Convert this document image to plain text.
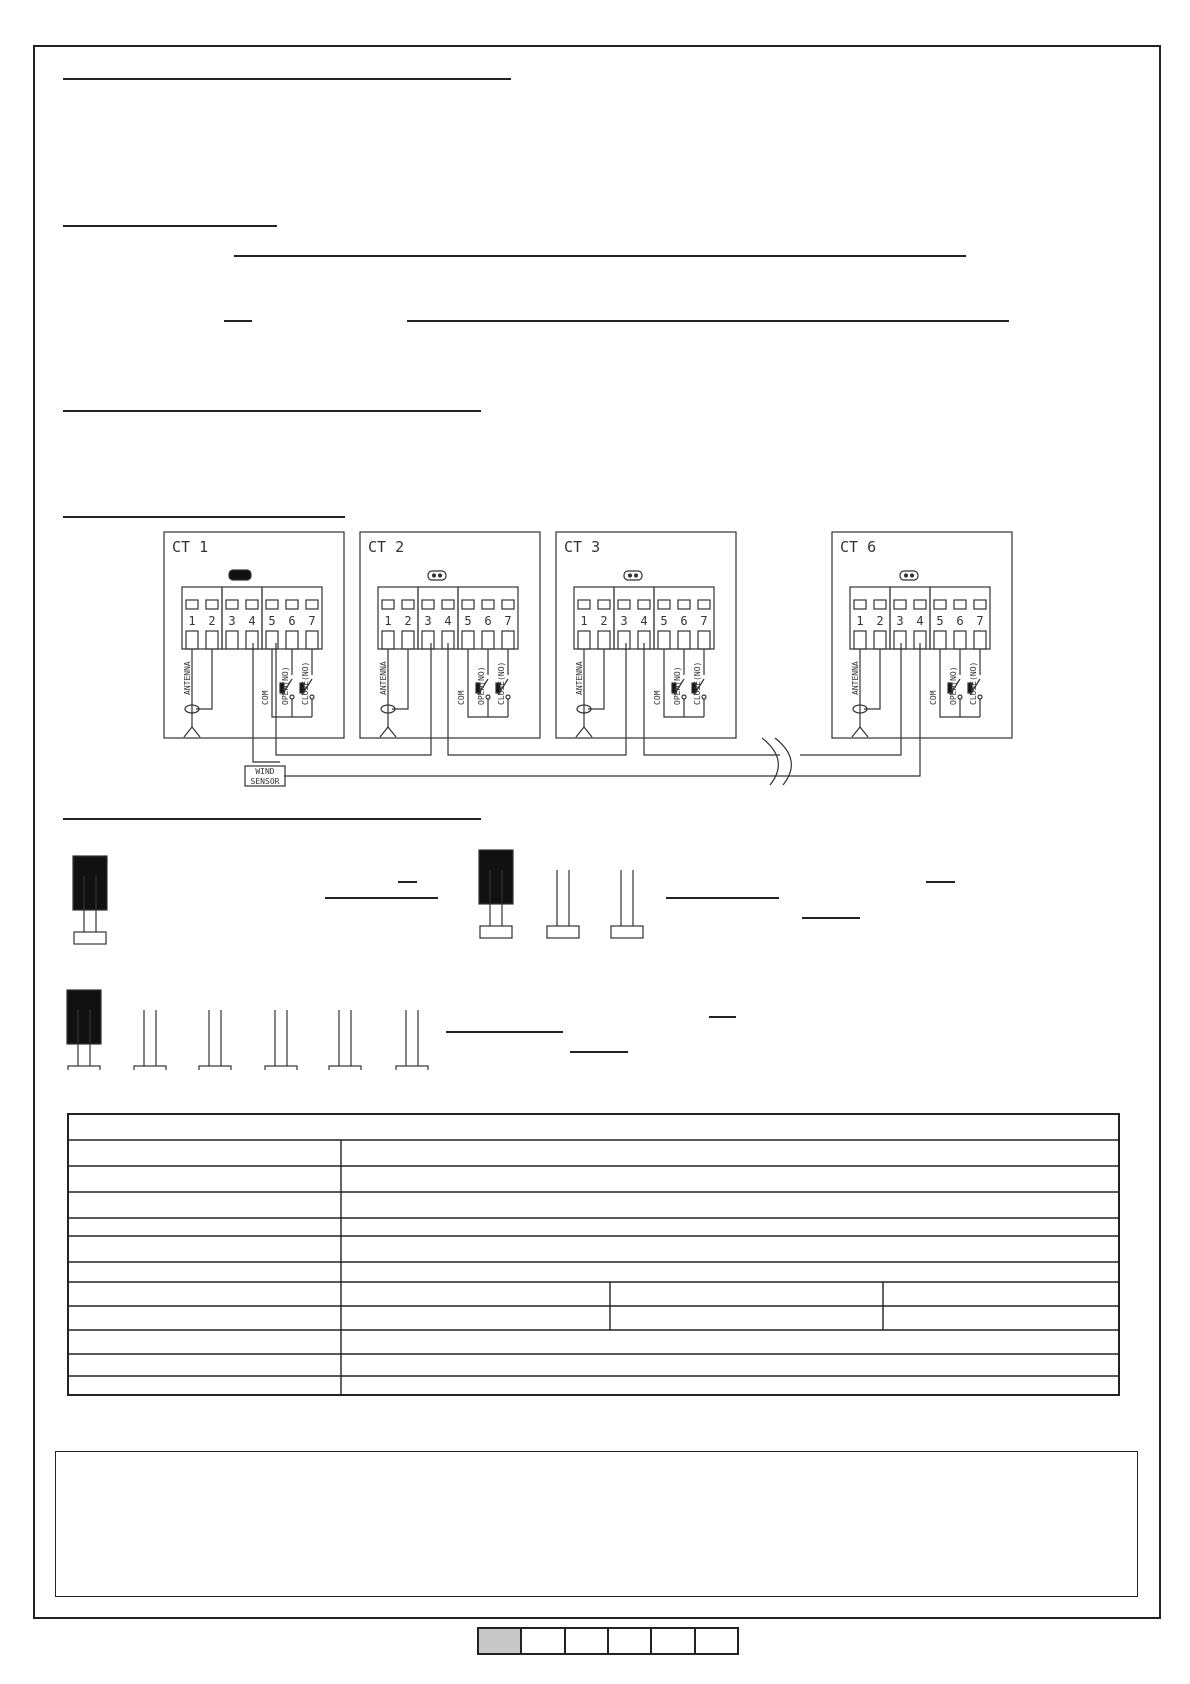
WIND
SENSOR
CT 1
1 2 3 4 5 6 7
ANTENNA
COM OPEN(NO) CLOSE(NO)
CT 2
1 2 3 4 5 6 7
ANTENNA
COM OPEN(NO) CLOSE(NO)
CT 3
1 2 3 4 5 6 7
ANTENNA
COM OPEN(NO) CLOSE(NO)
CT 6
1 2 3 4 5 6 7
ANTENNA
COM OPEN(NO) CLOSE(NO)
